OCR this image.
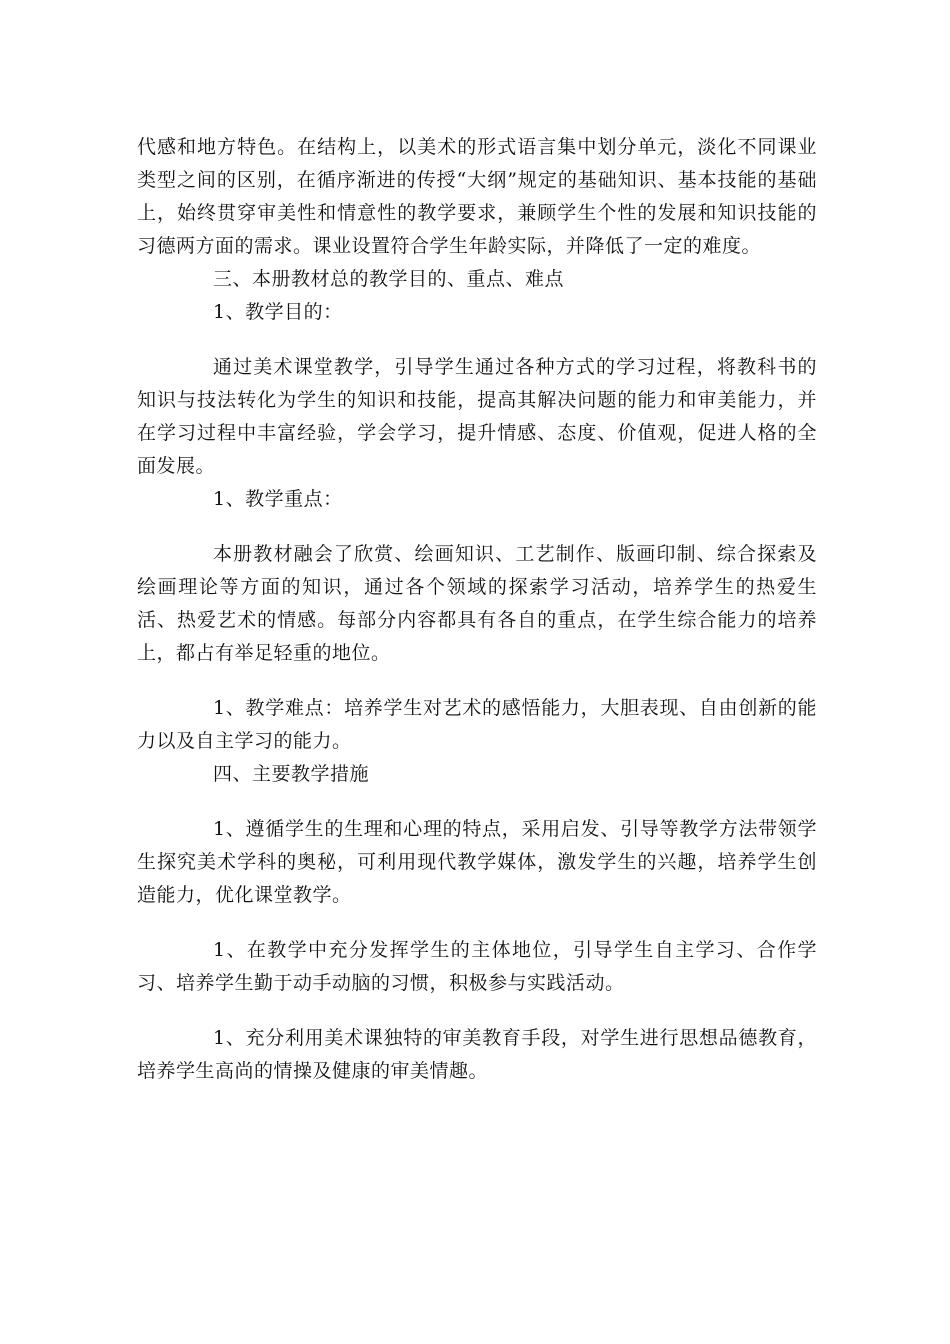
代感和地方特色。在结构上，以美术的形式语言集中划分单元，淡化不同课业类型之间的区别，在循序渐进的传授“大纲”规定的基础知识、基本技能的基础上，始终贯穿审美性和情意性的教学要求，兼顾学生个性的发展和知识技能的习德两方面的需求。课业设置符合学生年龄实际，并降低了一定的难度。

三、本册教材总的教学目的、重点、难点

1、教学目的：

通过美术课堂教学，引导学生通过各种方式的学习过程，将教科书的知识与技法转化为学生的知识和技能，提高其解决问题的能力和审美能力，并在学习过程中丰富经验，学会学习，提升情感、态度、价值观，促进人格的全面发展。

1、教学重点：

本册教材融会了欣赏、绘画知识、工艺制作、版画印制、综合探索及绘画理论等方面的知识，通过各个领域的探索学习活动，培养学生的热爱生活、热爱艺术的情感。每部分内容都具有各自的重点，在学生综合能力的培养上，都占有举足轻重的地位。

1、教学难点：培养学生对艺术的感悟能力，大胆表现、自由创新的能力以及自主学习的能力。

四、主要教学措施

1、遵循学生的生理和心理的特点，采用启发、引导等教学方法带领学生探究美术学科的奥秘，可利用现代教学媒体，激发学生的兴趣，培养学生创造能力，优化课堂教学。

1、在教学中充分发挥学生的主体地位，引导学生自主学习、合作学习、培养学生勤于动手动脑的习惯，积极参与实践活动。

1、充分利用美术课独特的审美教育手段，对学生进行思想品德教育，培养学生高尚的情操及健康的审美情趣。
